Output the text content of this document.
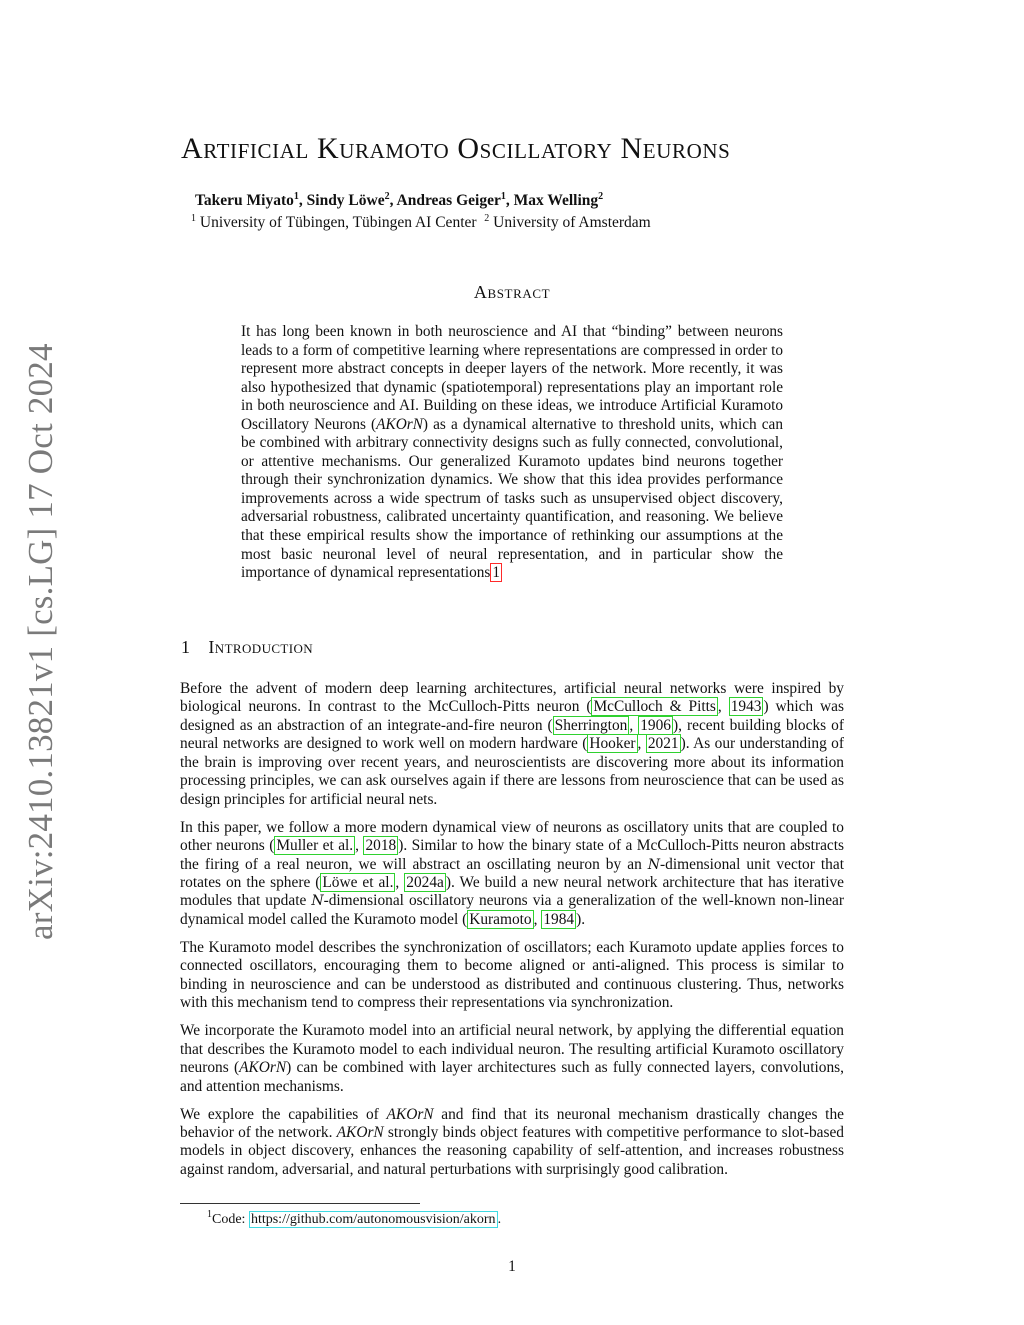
arXiv:2410.13821v1 [cs.LG] 17 Oct 2024
Artificial Kuramoto Oscillatory Neurons
Takeru Miyato$^1$, Sindy Löwe$^2$, Andreas Geiger$^1$, Max Welling$^2$
$^1$ University of Tübingen, Tübingen AI Center $^2$ University of Amsterdam
Abstract
It has long been known in both neuroscience and AI that “binding” between neurons leads to a form of competitive learning where representations are compressed in order to represent more abstract concepts in deeper layers of the network. More recently, it was also hypothesized that dynamic (spatiotemporal) representations play an important role in both neuroscience and AI. Building on these ideas, we introduce Artificial Kuramoto Oscillatory Neurons (AKOrN) as a dynamical alternative to threshold units, which can be combined with arbitrary connectivity designs such as fully connected, convolutional, or attentive mechanisms. Our generalized Kuramoto updates bind neurons together through their synchronization dynamics. We show that this idea provides performance improvements across a wide spectrum of tasks such as unsupervised object discovery, adversarial robustness, calibrated uncertainty quantification, and reasoning. We believe that these empirical results show the importance of rethinking our assumptions at the most basic neuronal level of neural representation, and in particular show the importance of dynamical representations 1
1 Introduction

Before the advent of modern deep learning architectures, artificial neural networks were inspired by biological neurons. In contrast to the McCulloch-Pitts neuron ( McCulloch & Pitts , 1943 ) which was designed as an abstraction of an integrate-and-fire neuron ( Sherrington , 1906 ), recent building blocks of neural networks are designed to work well on modern hardware ( Hooker , 2021 ). As our understanding of the brain is improving over recent years, and neuroscientists are discovering more about its information processing principles, we can ask ourselves again if there are lessons from neuroscience that can be used as design principles for artificial neural nets.

In this paper, we follow a more modern dynamical view of neurons as oscillatory units that are coupled to other neurons ( Muller et al. , 2018 ). Similar to how the binary state of a McCulloch-Pitts neuron abstracts the firing of a real neuron, we will abstract an oscillating neuron by an N-dimensional unit vector that rotates on the sphere ( Löwe et al. , 2024a ). We build a new neural network architecture that has iterative modules that update N-dimensional oscillatory neurons via a generalization of the well-known non-linear dynamical model called the Kuramoto model ( Kuramoto , 1984 ).

The Kuramoto model describes the synchronization of oscillators; each Kuramoto update applies forces to connected oscillators, encouraging them to become aligned or anti-aligned. This process is similar to binding in neuroscience and can be understood as distributed and continuous clustering. Thus, networks with this mechanism tend to compress their representations via synchronization.

We incorporate the Kuramoto model into an artificial neural network, by applying the differential equation that describes the Kuramoto model to each individual neuron. The resulting artificial Kuramoto oscillatory neurons (AKOrN) can be combined with layer architectures such as fully connected layers, convolutions, and attention mechanisms.

We explore the capabilities of AKOrN and find that its neuronal mechanism drastically changes the behavior of the network. AKOrN strongly binds object features with competitive performance to slot-based models in object discovery, enhances the reasoning capability of self-attention, and increases robustness against random, adversarial, and natural perturbations with surprisingly good calibration.

$^1$Code: https://github.com/autonomousvision/akorn .
1
